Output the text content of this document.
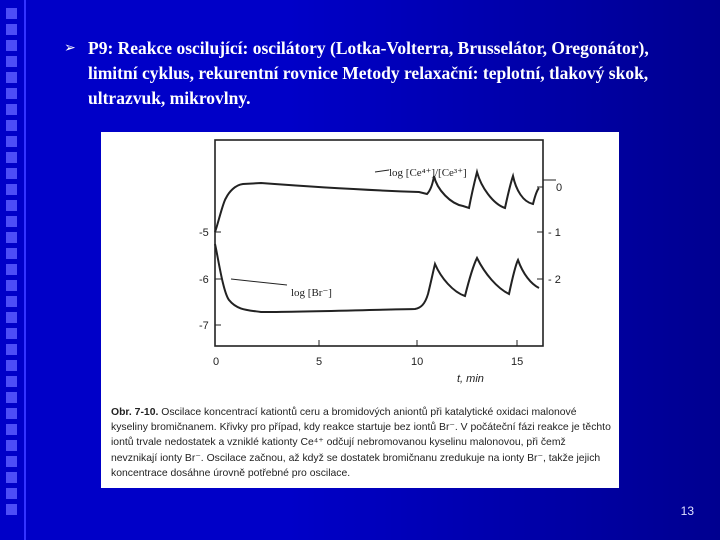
➢ P9: Reakce oscilující: oscilátory (Lotka-Volterra, Brusselátor, Oregonátor), limitní cyklus, rekurentní rovnice Metody relaxační: teplotní, tlakový skok, ultrazvuk, mikrovlny.
-5
-6
-7
0
- 1
- 2
0	5	10	15
t, min
log [Ce⁴⁺]/[Ce³⁺]
log [Br⁻]
Obr. 7-10. Oscilace koncentrací kationtů ceru a bromidových aniontů při katalytické oxidaci malonové kyseliny bromičnanem. Křivky pro případ, kdy reakce startuje bez iontů Br⁻. V počáteční fázi reakce je těchto iontů trvale nedostatek a vzniklé kationty Ce⁴⁺ odčují nebromovanou kyselinu malonovou, při čemž nevznikají ionty Br⁻. Oscilace začnou, až když se dostatek bromičnanu zredukuje na ionty Br⁻, takže jejich koncentrace dosáhne úrovně potřebné pro oscilace.
13
